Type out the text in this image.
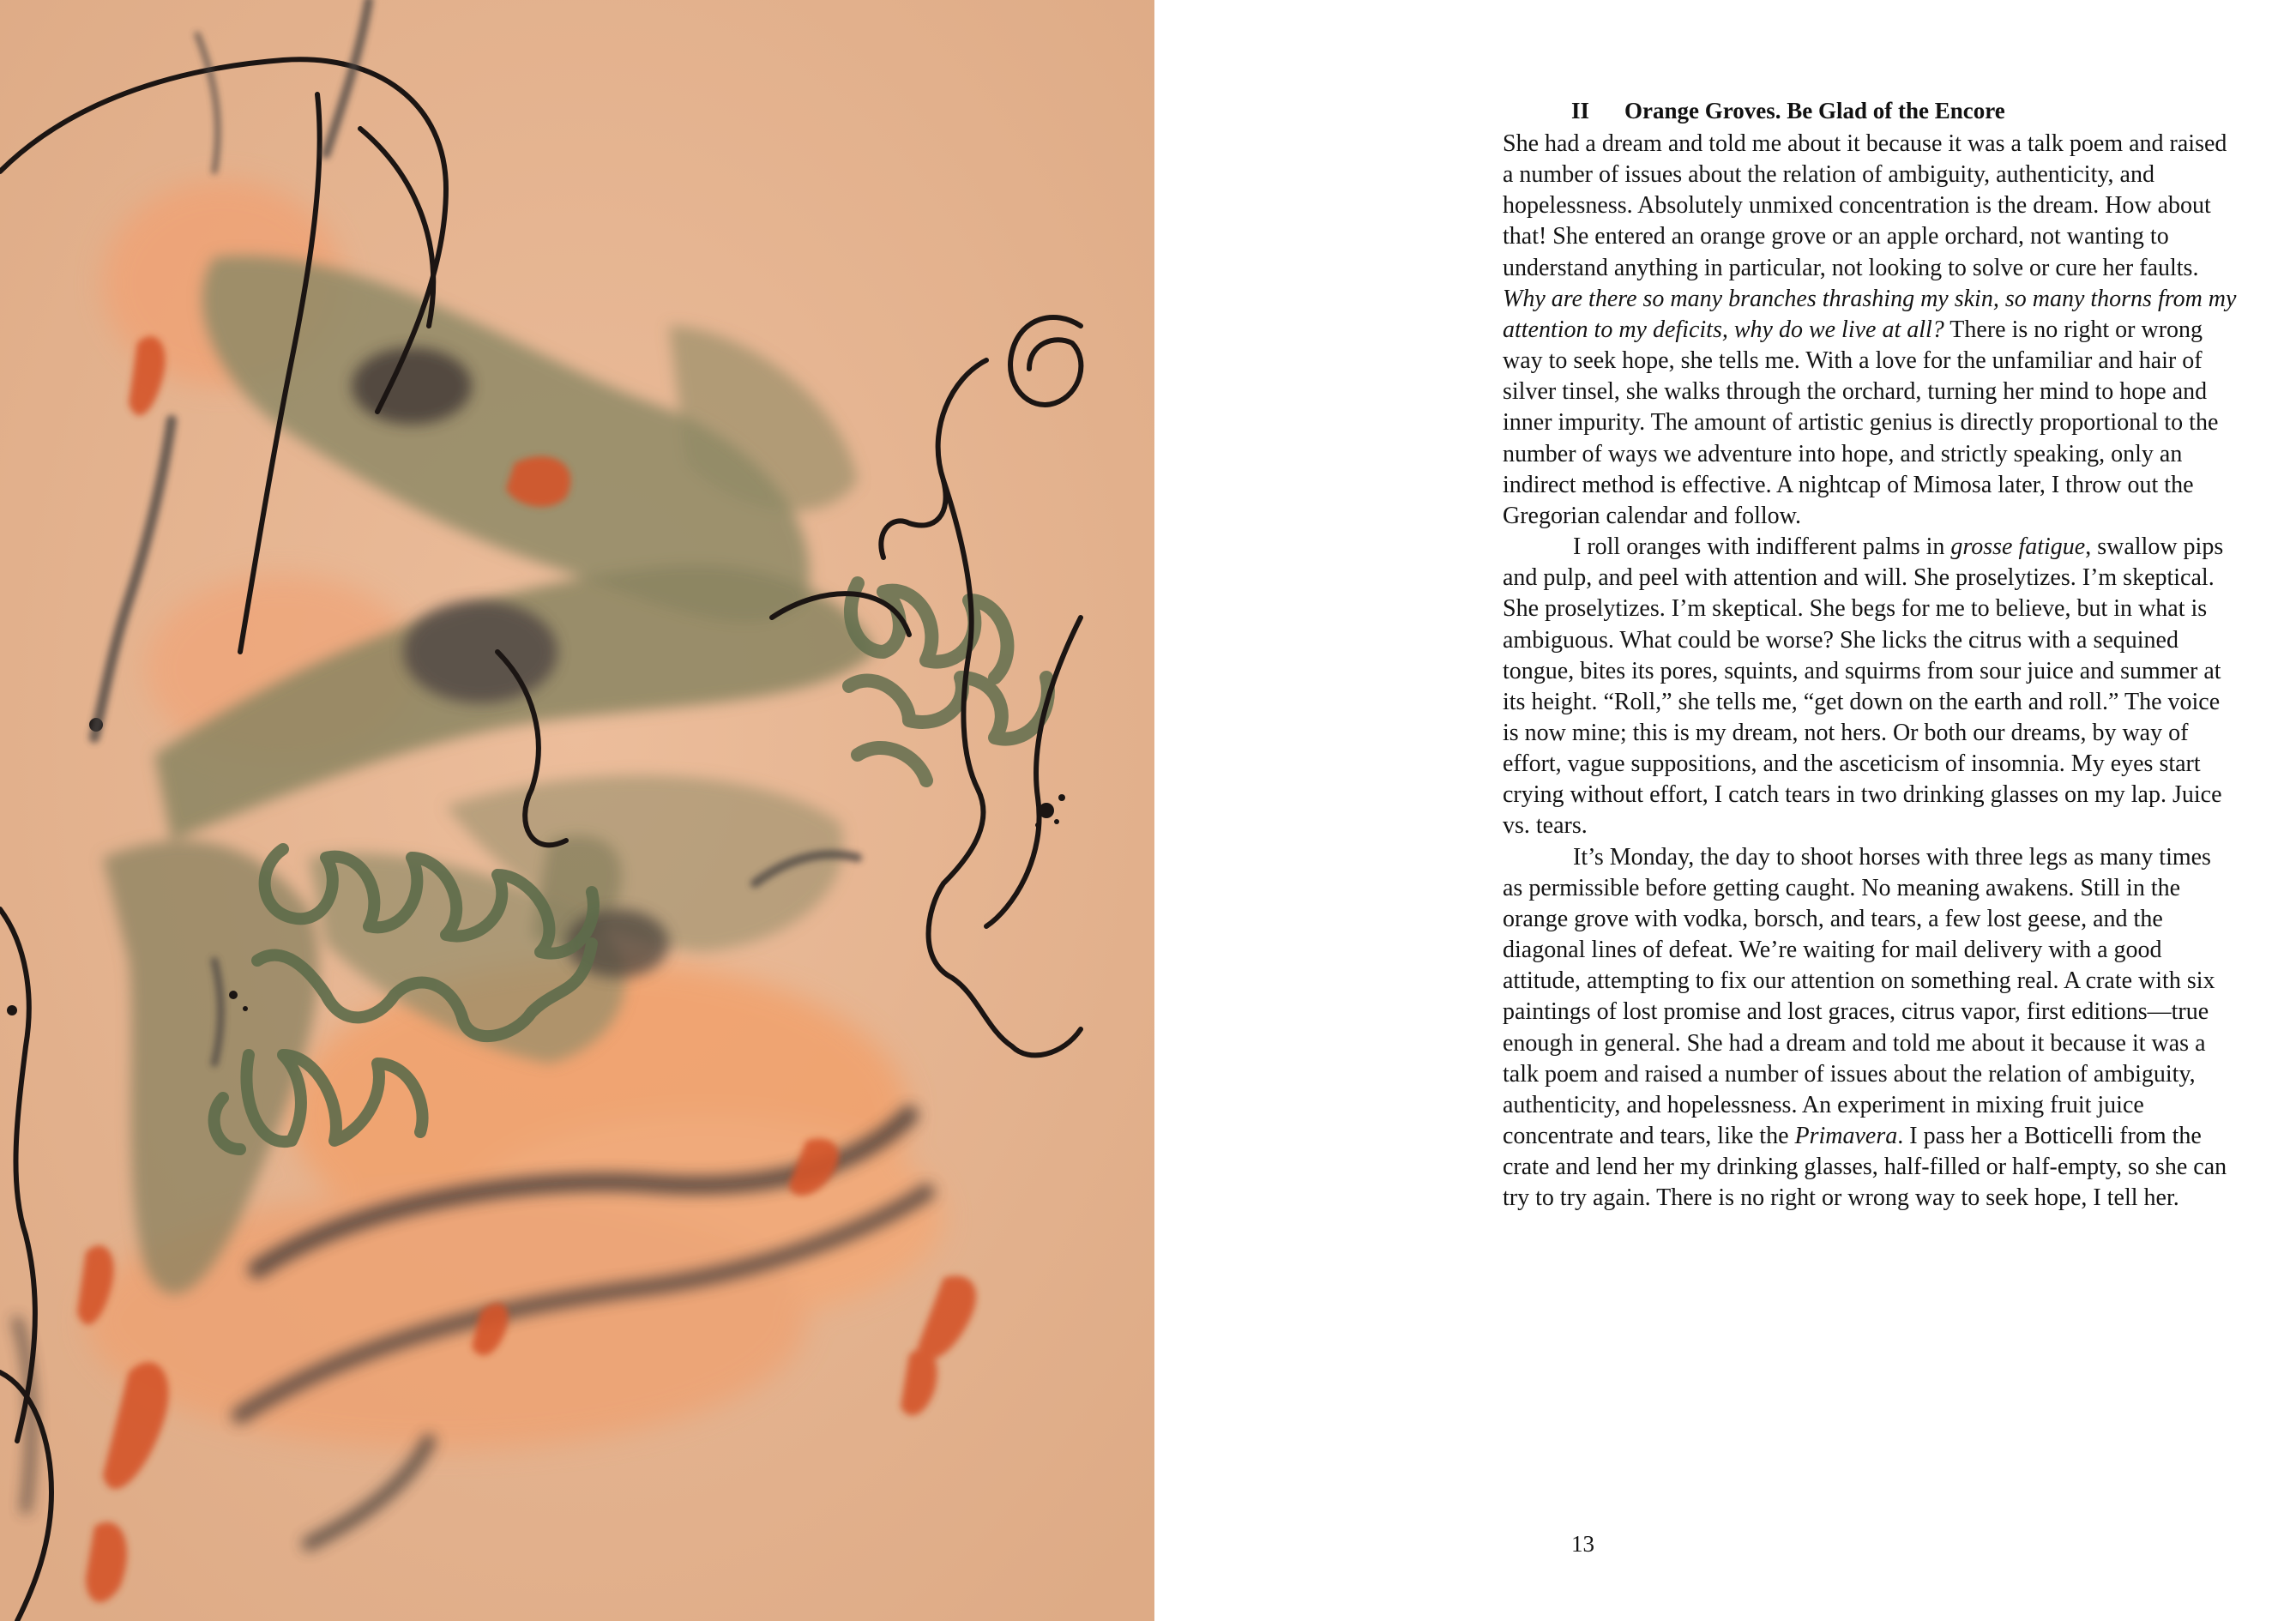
II Orange Groves. Be Glad of the Encore

She had a dream and told me about it because it was a talk poem and raised a number of issues about the relation of ambiguity, authenticity, and hopelessness. Absolutely unmixed concentration is the dream. How about that! She entered an orange grove or an apple orchard, not wanting to understand anything in particular, not looking to solve or cure her faults. Why are there so many branches thrashing my skin, so many thorns from my attention to my deficits, why do we live at all? There is no right or wrong way to seek hope, she tells me. With a love for the unfamiliar and hair of silver tinsel, she walks through the orchard, turning her mind to hope and inner impurity. The amount of artistic genius is directly proportional to the number of ways we adventure into hope, and strictly speaking, only an indirect method is effective. A nightcap of Mimosa later, I throw out the Gregorian calendar and follow.

I roll oranges with indifferent palms in grosse fatigue, swallow pips and pulp, and peel with attention and will. She proselytizes. I’m skeptical. She proselytizes. I’m skeptical. She begs for me to believe, but in what is ambiguous. What could be worse? She licks the citrus with a sequined tongue, bites its pores, squints, and squirms from sour juice and summer at its height. “Roll,” she tells me, “get down on the earth and roll.” The voice is now mine; this is my dream, not hers. Or both our dreams, by way of effort, vague suppositions, and the asceticism of insomnia. My eyes start crying without effort, I catch tears in two drinking glasses on my lap. Juice vs. tears.

It’s Monday, the day to shoot horses with three legs as many times as permissible before getting caught. No meaning awakens. Still in the orange grove with vodka, borsch, and tears, a few lost geese, and the diagonal lines of defeat. We’re waiting for mail delivery with a good attitude, attempting to fix our attention on something real. A crate with six paintings of lost promise and lost graces, citrus vapor, first editions—true enough in general. She had a dream and told me about it because it was a talk poem and raised a number of issues about the relation of ambiguity, authenticity, and hopelessness. An experiment in mixing fruit juice concentrate and tears, like the Primavera. I pass her a Botticelli from the crate and lend her my drinking glasses, half-filled or half-empty, so she can try to try again. There is no right or wrong way to seek hope, I tell her.

13
